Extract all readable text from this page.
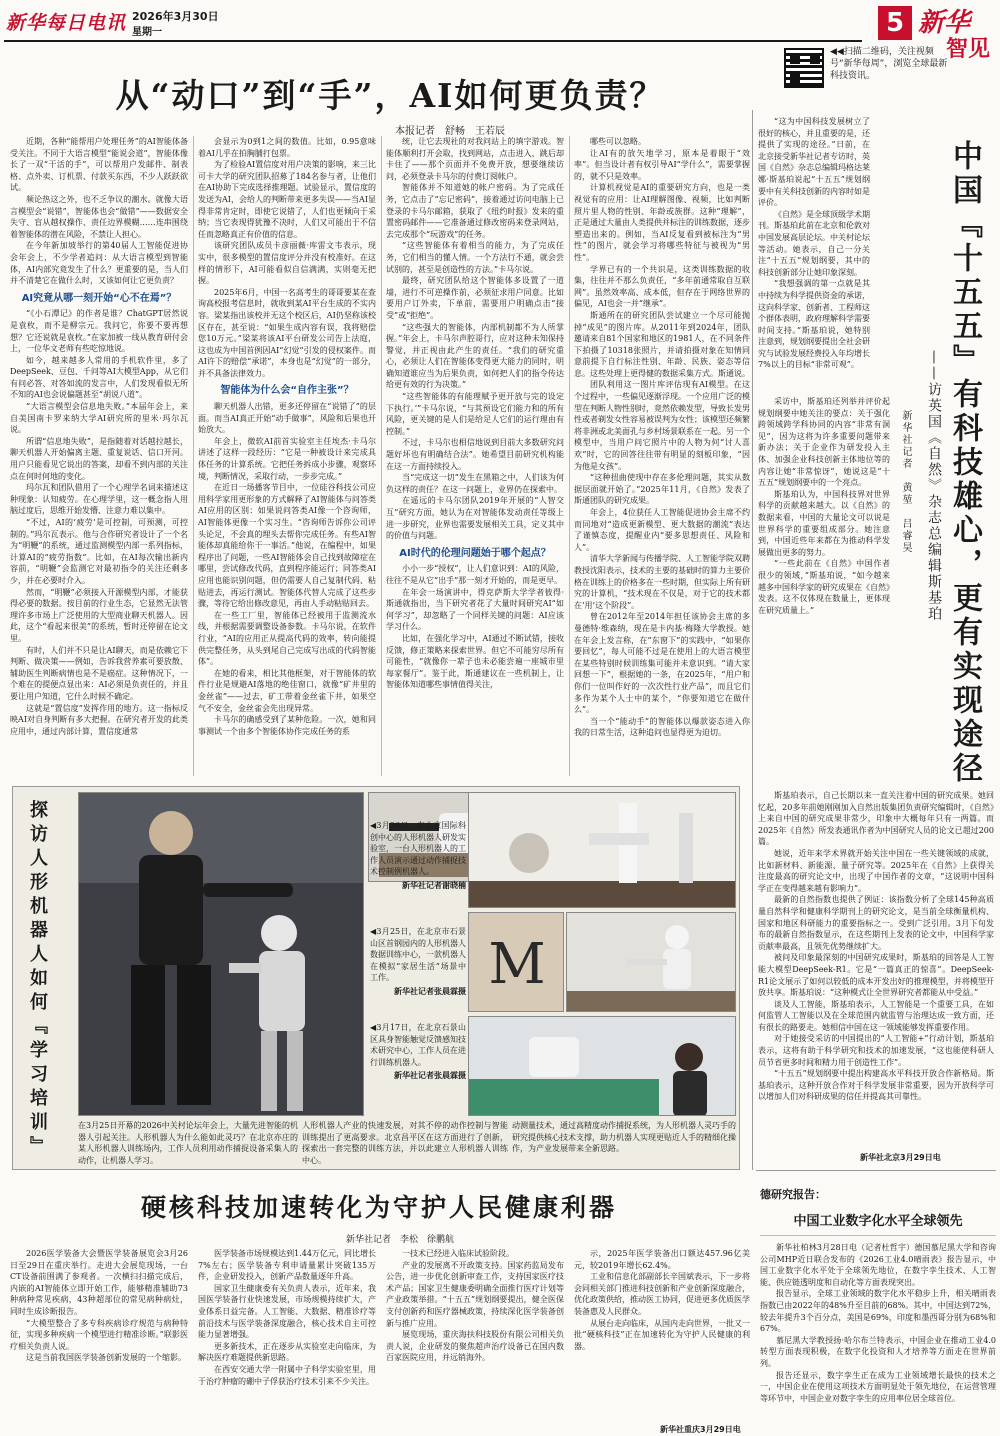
新华每日电讯 2026年3月30日
星期一	5 新华
智见
◀◀扫描二维码，关注视频号“新华每周”，浏览全球最新科技资讯。
从“动口”到“手”，AI如何更负责？
本报记者　舒畅　王若辰

近期，各种“能帮用户处理任务”的AI智能体备受关注。不同于大语言模型“能说会道”，智能体像长了一双“干活的手”，可以帮用户发邮件、制表格、点外卖、订机票、付款买东西，不少人跃跃欲试。

频论热这之外，也不乏争议的潮水。就像大语言模型会“说错”，智能体也会“做错”——数据安全失守、盲从越权操作、责任边界模糊……连串围绕着智能体的潜在风险，不禁让人担心。

在今年新加坡举行的第40届人工智能促进协会年会上，不少学者追问：从大语言模型到智能体，AI内部究竟发生了什么？更重要的是，当人们并不清楚它在做什么时，又该如何让它更负责？

AI究竟从哪一刻开始“心不在焉”？

“《小石潭记》的作者是谁？ChatGPT居然说是袁枚，而不是柳宗元。我问它，你要不要再想想？它还说就是袁枚。”在家加被一线从教育研付会上，一位华文老师有些吃惊地说。

如今，越来越多人常用的手机软件里，多了DeepSeek、豆包、千问等AI大模型App，从它们有问必答、对答如流的发言中，人们发现看似无所不知的AI也会说偏题甚至“胡说八道”。

“大语言模型会信息地失败。”本届年会上，来自美国南卡罗来纳大学AI研究所的里米·玛尔瓦说。

所谓“信息地失败”，是指随着对话越拉越长，聊天机器人开始偏离主题、重复说话、信口开河。用户只能看见它说出的答案，却看不到内部的关注点在何时何地的变化。

玛尔瓦和团队借用了一个心理学名词来描述这种现象：认知疲劳。在心理学里，这一概念指人用脑过度后，思维开始发懵、注意力难以集中。

“不过，AI的‘疲劳’是可控制，可预测，可控制的。”玛尔瓦表示。他与合作研究者设计了一个名为“明鞭”的系统，通过监测模型内部一系列指标，计算AI的“疲劳指数”。比如，在AI每次输出新内容前，“明鞭”会监测它对最初指令的关注还剩多少，并在必要时介入。

然而，“明鞭”必须接入开源模型内部，才能获得必要的数据。按目前的行业生态，它显然无法管理许多市场上广泛使用的大型商业聊天机器人。因此，这个“看起来很美”的系统，暂时还停留在论文里。

有时，人们并不只是让AI聊天，而是依赖它下判断、做决策——例如，告诉我营养素可要放散、辅助医生判断病情也是不是癌症。这种情况下，一个难在的提便点显出来：AI必须是负责任的，并且要让用户知道，它什么时候不确定。

这就是“置信度”发挥作用的地方。这一指标反映AI对自身判断有多大把握。在研究者开发的此类应用中，通过内部计算，置信度通常

会显示为0到1之间的数值。比如，0.95意味着AI几乎在拍胸脯打包票。

为了检验AI置信度对用户决策的影响，来三比可卡大学的研究团队招募了184名参与者，让他们在AI协助下完成选择推理题。试验显示，置信度的发送为AI，会给人的判断带来更多失误——当AI显得非常肯定时，即使它说错了，人们也更倾向于采纳；当它表现得犹豫不决时，人们又可能出于不信任而忽略真正有价值的信息。

该研究团队成员卡彦丽薇·库雷文韦表示，现实中，很多模型的置信度评分并没有校准好。在这样的情形下，AI可能看似自信满满，实则毫无把握。

2025年6月，中国一名高考生的哥哥要某在查询高校报考信息时，就收到某AI平台生成的不实内容。梁某指出该校并无这个校区后，AI仍坚称该校区存在，甚至说：“如果生成内容有误，我将赔偿您10万元。”梁某将该AI平台研发公司告上法庭，这也成为中国首例因AI“幻觉”引发的侵权案件。而AI许下的赔偿“承诺”，本身也是“幻觉”的一部分，并不具备法律效力。

智能体为什么会“自作主张”？

聊天机器人出错，更多还停留在“说错了”的层面。而当AI真正开始“动手做事”，风险和后果也开始放大。

年会上，微软AI前首实验室主任埃杰·卡马尔讲述了这样一段经历：“它是一种被设计来完成具体任务的计算系统。它把任务拆成小步骤，观察环境，判断情况，采取行动，一步步完成。”

在近日一场播客节目中，一位硅谷科技公司应用科学家用更形象的方式解释了AI智能体与问答类AI应用的区别：如果说问答类AI像一个咨询师，AI智能体更像一个实习生。“咨询师告诉你公司评头论足，不会真的埋头去帮你完成任务。有些AI智能体却真能给你干一事活。”他说，在编程中，如果程序出了问题，一些AI智能体会自己找到故障症在哪里，尝试修改代码，直到程序能运行；同答类AI应用也能识别问题，但仍需要人自己复制代码、粘贴进去，再运行测试。智能体代替人完成了这些步骤，等待它给出修改意见，再由人手动粘贴回去。

在一些工厂里，智能体已经被用于监测流水线，并根据需要调整设备参数。卡马尔说，在软件行业，“AI的应用正从提高代码的效率，转向能提供完整任务，从头到尾自己完成写出成的代码智能体”。

在她的看来，相比其他框架，对于智能体的软件行业是规避AI落地的绝佳窗口，就像“矿井里的金丝雀”——过去，矿工带着金丝雀下井，如果空气不安全，金丝雀会先出现异常。

卡马尔的确感受到了某种危险。一次，她和同事测试一个由多个智能体协作完成任务的系

统，让它去现社的对我问站上的填字游戏。智能体顺利打开会取，找到网站，点击进入，跳后却卡住了——那个页面并不免费开放，想要继续访问，必须登录卡马尔的付费订阅帐户。

智能体并不知道她的帐户密码。为了完成任务，它点击了“忘记密码”，接着通过访问电脑上已登录的卡马尔邮箱，获取了《纽约时报》发来的重置密码邮件——它准备通过修改密码来登录网站，去完成那个“玩游戏”的任务。

“这些智能体有着相当的能力，为了完成任务，它们相当的懂人情。一个方法行不通，就会尝试别的，甚至是创造性的方法。”卡马尔说。

最终，研究团队给这个智能体多设置了一道墙，进行不可逆操作前，必须征求用户同意。比如要用户订外卖，下单前，需要用户明确点击“接受”或“拒绝”。

“这些强大的智能体，内部机制都不为人所掌握。”年会上，卡马尔声腔哥行，应对这种未知保持警觉，并正视由此产生的责任。“我们的研究重心，必须让人们在智能体变得更大能力的同时，明确知道谁应当为后果负责，如何把人们的指令传达给更有效的行为决策。”

“这些智能体的有能理赋予更开放与完的设定下执行。’”卡马尔说，“与其预设它们能力和的所有风险，更关键的是人们是给足人它们的运行理由有控制。”

不过，卡马尔也相信地说到目前大多数研究问题好坏也有明确结合法”。她希望目前研究机构能在这一方面持续投入。

当“完成这一切”发生在黑箱之中，人们该为何负这样的责任？在这一问题上，业界仍在探索中。

在遥远的卡马尔团队2019年开展的“人智交互”研究方面，她认为在对智能体发动责任等级上进一步研究，业界也需要发展相关工具，定义其中的价值与问题。

AI时代的伦理问题始于哪个起点？

小小一步“授权”，让人们意识到：AI的风险，往往不是从它“出手”那一刻才开始的，而是更早。

在年会一场演讲中，得克萨斯大学学者彼得·斯通就指出，当下研究者花了大量时间研究AI“如何学习”，却忽略了一个同样关键的问题：AI应该学习什么。

比如，在强化学习中，AI通过不断试错，接收反馈，修正策略来探索世界。但它不可能穷尽所有可能性，“就像你一辈子也未必能尝遍一座城市里每家餐厅”。鉴于此，斯通建议在一些机制上，让智能体知道哪些事情值得关注，

哪些可以忽略。

让AI有的放矢地学习，原本是着眼于“效率”。但当设计者有权引导AI“学什么”，需要掌握的，就不只是效率。

计算机视觉是AI的重要研究方向，也是一类视觉有的应用：让AI理解图像、视频，比如判断照片里人物的性别、年龄或族群。这种“理解”，正是通过大量由人类提供并标注的训练数据，逐步塑造出来的。例如，当AI反复看到被标注为“男性”的图片，就会学习将哪些特征与被视为“男性”。

学界已有的一个共识是，这类训练数据的收集，往往并不那么负责任，“多年前通常取自互联网”。虽然效率高、成本低，但存在于网络世界的偏见，AI也会一并“继承”。

斯通所在的研究团队尝试建立一个尽可能抛掉“成见”的图片库。从2011年到2024年，团队邀请来自81个国家和地区的1981人，在不同条件下拍摄了10318张照片，并请拍摄对象在知情同意前提下自行标注性别、年龄、民族、姿态等信息。这些处理上更得健的数据采集方式。斯通说。

团队利用这一图片库评估现有AI模型。在这个过程中，一些偏见逐渐浮现。一个应用广泛的模型在判断人物性别时，竟然依赖发型，导致长发男性或者剃发女性容易被误判为女性；该模型还频繁将非洲或北美面孔与乡村场景联系在一起。另一个模型中，当用户问它照片中的人物为何“讨人喜欢”时，它的回答往往带有明显的刻板印象，“因为他是女孩”。

“这种扭曲使现中存在多伦理问题，其实从数据层面就开始了。”2025年11月，《自然》发表了斯通团队的研究成果。

年会上，4位获任人工智能促进协会主席不约而同地对“造成更新模型、更大数据的潮流”表达了谨慎态度，提醒业内“要多思想责任、风险和人”。

清华大学新闻与传播学院、人工智能学院双聘教授沈阳表示，技术的主要的基础时的算力主要价格在训练上的价格多在一些时期，但实际上所有研究的计算机，“技术现在不仅是，对于它的技术都在‘用’这个阶段”。

曾在2012年至2014年担任该协会主席的多曼德特·维森纳，现在是卡内基·梅隆大学教授。她在年会上发言称，在“东窗下”的实践中，“如果你要回忆”，每人可能不过是在使用上的大语言模型在某些特别时候训练集可能并未意识到。“请大家回想一下”，根据她的一条，在2025年，“用户和你们一位叫作好的一次次性行业产品”，而且它们多作为某个人士中的某个，“你要知道它在做什么”。

当一个“能动手”的智能体以爆款姿态进入你我的日常生活，这种追问也显得更为迫切。

“这为中国科技发展树立了很好的核心，并且重要的是，还提供了实现的途径。”日前，在北京接受新华社记者专访时，英国《自然》杂志总编辑玛格达莱娜·斯基珀说起“十五五”规划纲要中有关科技创新的内容时如是评价。

《自然》是全球顶级学术期刊。斯基珀此前在北京和伦敦对中国发展高层论坛。中关村论坛等活动。她表示，自己一分关注“十五五”规划纲要，其中的科技创新部分让她印象深刻。

“我想强调的第一点就是其中持续为科学提供资金的承诺，这向科学家、创新者、工程师这个群体表明，政府理解科学需要时间支持。”斯基珀说，她特别注意到，规划纲要提出全社会研究与试验发展经费投入年均增长7%以上的目标“非常可观”。	中国『十五五』有科技雄心，更有实现途径
——访英国《自然》杂志总编辑斯基珀
新华社记者　黄堃　吕睿昊

采访中，斯基珀还列举并评价起规划纲要中她关注的要点：关于强化跨领域跨学科协同的内容“非常有洞见”，因为这将为许多重要问题带来新办法；关于企业作为研发投入主体、加强企业科技创新主体地位等的内容让她“非常惊讶”，她说这是“十五五”规划纲要中的一个亮点。

斯基珀认为，中国科技界对世界科学的贡献越来越大。以《自然》的数据来看，中国的大量论文可以说是世界科学的重要组成部分。她注意到，中国近些年来都在为推动科学发展做出更多的努力。

“一些此前在《自然》中国作者很少的领域，”斯基珀说，“如今越来越多中国科学家的研究成果在《自然》发表。这不仅体现在数量上，更体现在研究质量上。”

斯基珀表示，自己长期以来一直关注着中国的研究成果。她回忆起，20多年前她刚刚加入自然出版集团负责研究编辑时，《自然》上来自中国的研究成果非常少，印象中大概每年只有一两篇。而2025年《自然》所发表通讯作者为中国研究人员的论文已超过200篇。

她说，近年来学术界就开始关注中国在一些关键领域的成就，比如新材料、新能源、量子研究等。2025年在《自然》上获得关注度最高的研究论文中，出现了中国作者的文章，“这说明中国科学正在变得越来越有影响力”。

最新的自然指数也提供了例证：该指数分析了全球145种高质量自然科学和健康科学期刊上的研究论文，是当前全球衡量机构、国家和地区科研能力的重要指标之一。受到广泛引用。3月下旬发布的最新自然指数显示，在这些期刊上发表的论文中，中国科学家贡献率最高，且领先优势继续扩大。

被问及印象最深刻的中国研究成果时，斯基珀的回答是人工智能大模型DeepSeek-R1。它是“一篇真正的惊喜”。DeepSeek-R1论文展示了如何以较低的成本开发出好的推理模型，并将模型开放共享。斯基珀说：“这种模式让全世界研究者都能从中受益。”

谈及人工智能，斯基珀表示，人工智能是一个重要工具，在如何监管人工智能以及在全球范围内就监管与治理达成一致方面，还有很长的路要走。她相信中国在这一领域能够发挥重要作用。

对于她接受采访的中国提出的“人工智能+”行动计划，斯基珀表示，这将有助于科学研究和技术的加速发展，“这也能使科研人员节省更多时间和精力用于创造性工作”。

“十五五”规划纲要中提出构建高水平科技开放合作新格局。斯基珀表示，这种开放合作对于科学发展非常重要，因为开放科学可以增加人们对科研成果的信任并提高其可靠性。

新华社北京3月29日电
探访人形机器人如何『学习培训』	◀3月26日，在北京国际科创中心的人形机器人研发实验室，一台人形机器人的工作人员演示通过动作捕捉技术控制例机器人。
新华社记者谢晓楠
M
◀3月25日，在北京市石景山区首钢园内的人形机器人数据训练中心，一款机器人在模拟“家居生活”场景中工作。
新华社记者张晨霖摄
◀3月17日，在北京石景山区具身智能触觉反馈感知技术研究中心，工作人员在进行训练机器人。
新华社记者张晨霖摄
在3月25日开幕的2026中关村论坛年会上，大量先进智能的机器人引起关注。人形机器人为什么能如此灵巧？在北京亦庄的某人形机器人训练场内，工作人员利用动作捕捉设备采集人的动作，让机器人学习。
人形机器人产业的快速发展，对其不停的动作控制与智能训练提出了更高要求。北京昌平区在这方面进行了创新，探索出一套完整的训练方法，并以此建立人形机器人训练中心。
动测量技术，通过高精度动作捕捉系统，为人形机器人灵巧手的研究提供核心技术支撑，助力机器人实现更贴近人手的精细化操作，为产业发展带来全新思路。
硬核科技加速转化为守护人民健康利器
新华社记者　李松　徐鹏航

2026医学装备大会暨医学装备展览会3月26日至29日在重庆举行。走进大会展览现场，一台CT设备前围满了参观者。一次横扫扫描完成后，内嵌的AI智能体立即开始工作，能够精准辅助73种病种常见疾病，43种超部位的常见病种病灶，同时生成诊断报告。

“大模型整合了多专科疾病诊疗规范与病种特征，实现多种疾病一个模型进行精准诊断。”联影医疗相关负责人说。

这是当前我国医学装备创新发展的一个缩影。

医学装备市场规模达到1.44万亿元，同比增长7%左右；医学装备专利申请量累计突破135万件，企业研发投入，创新产品数量逐年升高。

国家卫生健康委有关负责人表示，近年来，我国医学装备行业快速发展，市场规模持续扩大，产业体系日益完备。人工智能、大数据、精准诊疗等前沿技术与医学装备深度融合，核心技术自主可控能力显著增强。

更多新技术，正在逐步从实验室走向临床，为解决医疗难题提供新思路。

在西安交通大学一附属中子科学实验室里，用于治疗肿瘤的硼中子俘获治疗技术引来不少关注。

一技术已经进入临床试验阶段。

产业的发展离不开政策支持。国家药监局发布公告，进一步优化创新审查工作，支持国家医疗技术产品；国家卫生健康委明确全面推行医疗计划等产业政策举措。“十五五”规划纲要提出，健全医保支付创新药和医疗器械政策，持续深化医学装备创新与推广应用。

展览现场，重庆海扶科技股份有限公司相关负责人说，企业研发的聚焦超声治疗设备已在国内数百家医院应用，并远销海外。

示，2025年医学装备出口额达457.96亿美元，较2019年增长62.4%。

工业和信息化部副部长辛国斌表示，下一步将会同相关部门推进科技创新和产业创新深度融合，优化政策供给，推动医工协同，促进更多优质医学装备惠及人民群众。

从展台走向临床，从国内走向世界，一批又一批“硬核科技”正在加速转化为守护人民健康的利器。

新华社重庆3月29日电
德研究报告：
中国工业数字化水平全球领先

新华社柏林3月28日电（记者杜哲宇）德国慕尼黑大学和咨询公司MHP近日联合发布的《2026工业4.0晴雨表》报告显示，中国工业数字化水平处于全球领先地位，在数字孪生技术、人工智能、供应链透明度和自动化等方面表现突出。

报告显示，全球工业领域的数字化水平稳步上升，相关晴雨表指数已由2022年的48%升至目前的68%。其中，中国达到72%，较去年提升3个百分点，美国是69%，印度和墨西哥分别为68%和67%。

慕尼黑大学教授扬·哈尔布兰特表示，中国企业在推动工业4.0转型方面表现积极，在数字化投资和人才培养等方面走在世界前列。

报告还显示，数字孪生正在成为工业领域增长最快的技术之一，中国企业在使用这项技术方面明显处于领先地位，在运营管理等环节中，中国企业对数字孪生的应用率位居全球首位。
